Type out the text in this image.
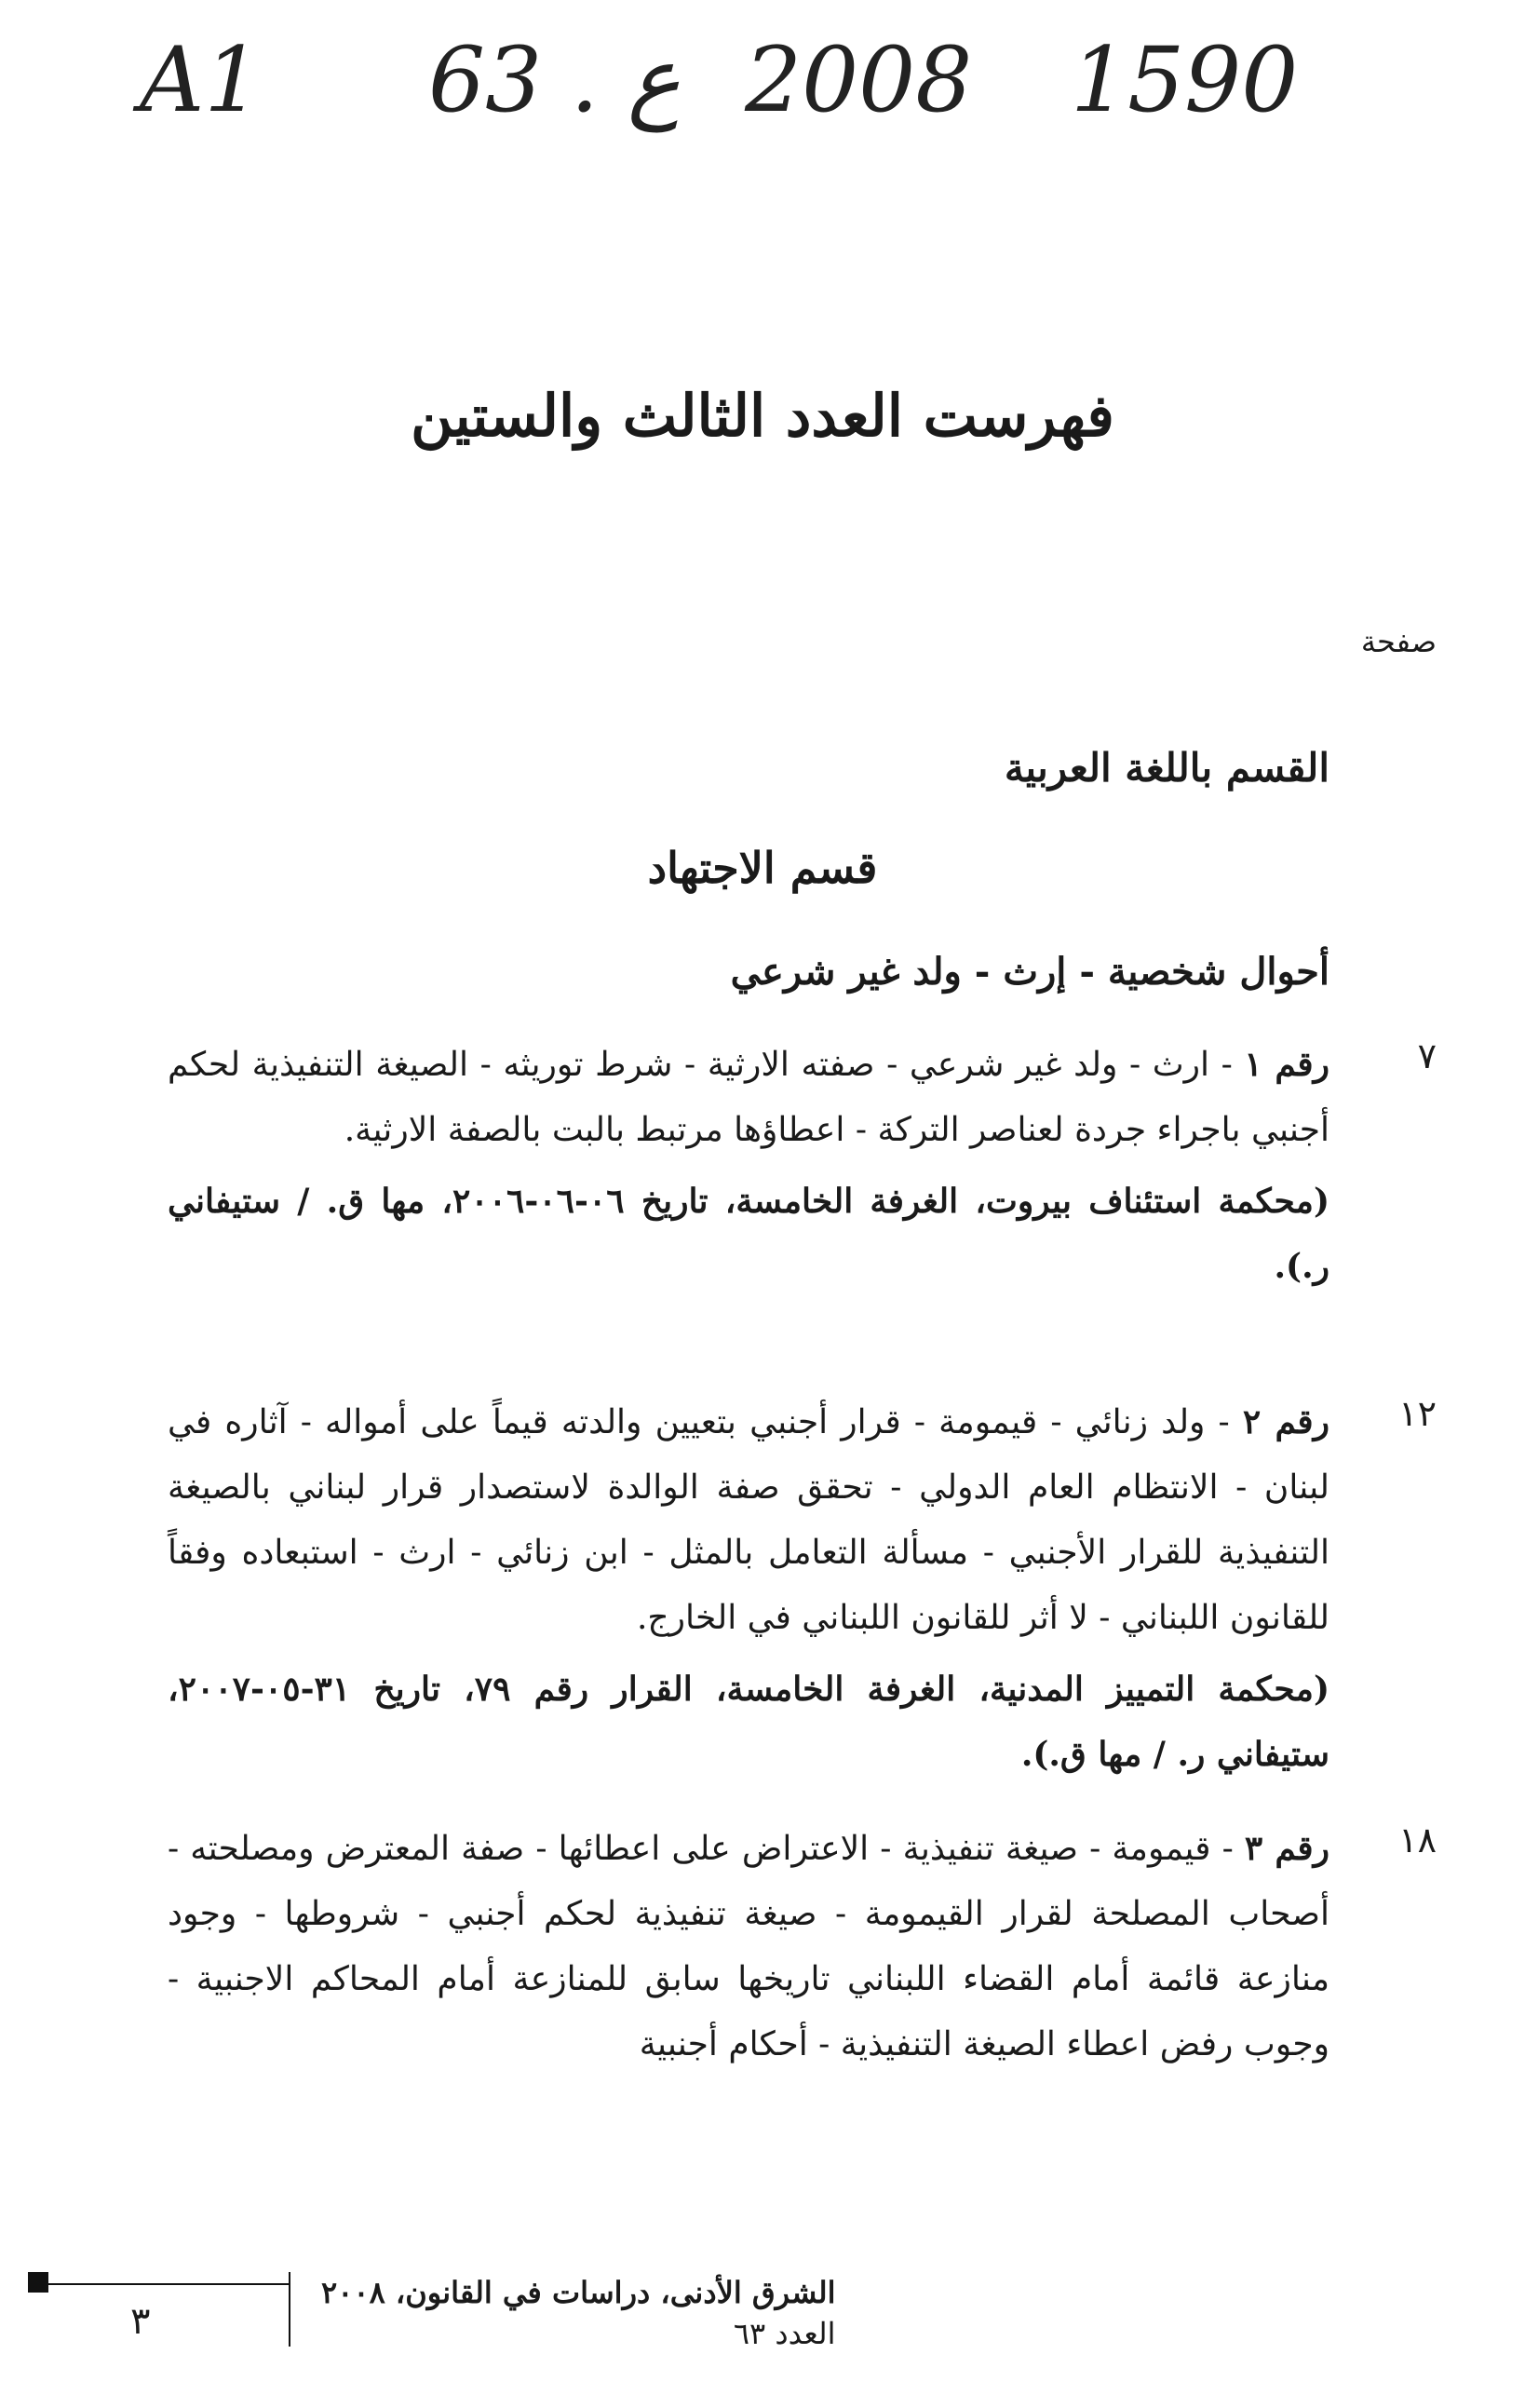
A1 63 . ع 2008 1590
فهرست العدد الثالث والستين
صفحة
القسم باللغة العربية
قسم الاجتهاد
أحوال شخصية - إرث - ولد غير شرعي
٧
رقم ١ - ارث - ولد غير شرعي - صفته الارثية - شرط توريثه - الصيغة التنفيذية لحكم أجنبي باجراء جردة لعناصر التركة - اعطاؤها مرتبط بالبت بالصفة الارثية.
(محكمة استئناف بيروت، الغرفة الخامسة، تاريخ ٠٦-٠٦-٢٠٠٦، مها ق. / ستيفاني ر.).
١٢
رقم ٢ - ولد زنائي - قيمومة - قرار أجنبي بتعيين والدته قيماً على أمواله - آثاره في لبنان - الانتظام العام الدولي - تحقق صفة الوالدة لاستصدار قرار لبناني بالصيغة التنفيذية للقرار الأجنبي - مسألة التعامل بالمثل - ابن زنائي - ارث - استبعاده وفقاً للقانون اللبناني - لا أثر للقانون اللبناني في الخارج.
(محكمة التمييز المدنية، الغرفة الخامسة، القرار رقم ٧٩، تاريخ ٣١-٠٥-٢٠٠٧، ستيفاني ر. / مها ق.).
١٨
رقم ٣ - قيمومة - صيغة تنفيذية - الاعتراض على اعطائها - صفة المعترض ومصلحته - أصحاب المصلحة لقرار القيمومة - صيغة تنفيذية لحكم أجنبي - شروطها - وجود منازعة قائمة أمام القضاء اللبناني تاريخها سابق للمنازعة أمام المحاكم الاجنبية - وجوب رفض اعطاء الصيغة التنفيذية - أحكام أجنبية
٣
الشرق الأدنى، دراسات في القانون، ٢٠٠٨
العدد ٦٣
